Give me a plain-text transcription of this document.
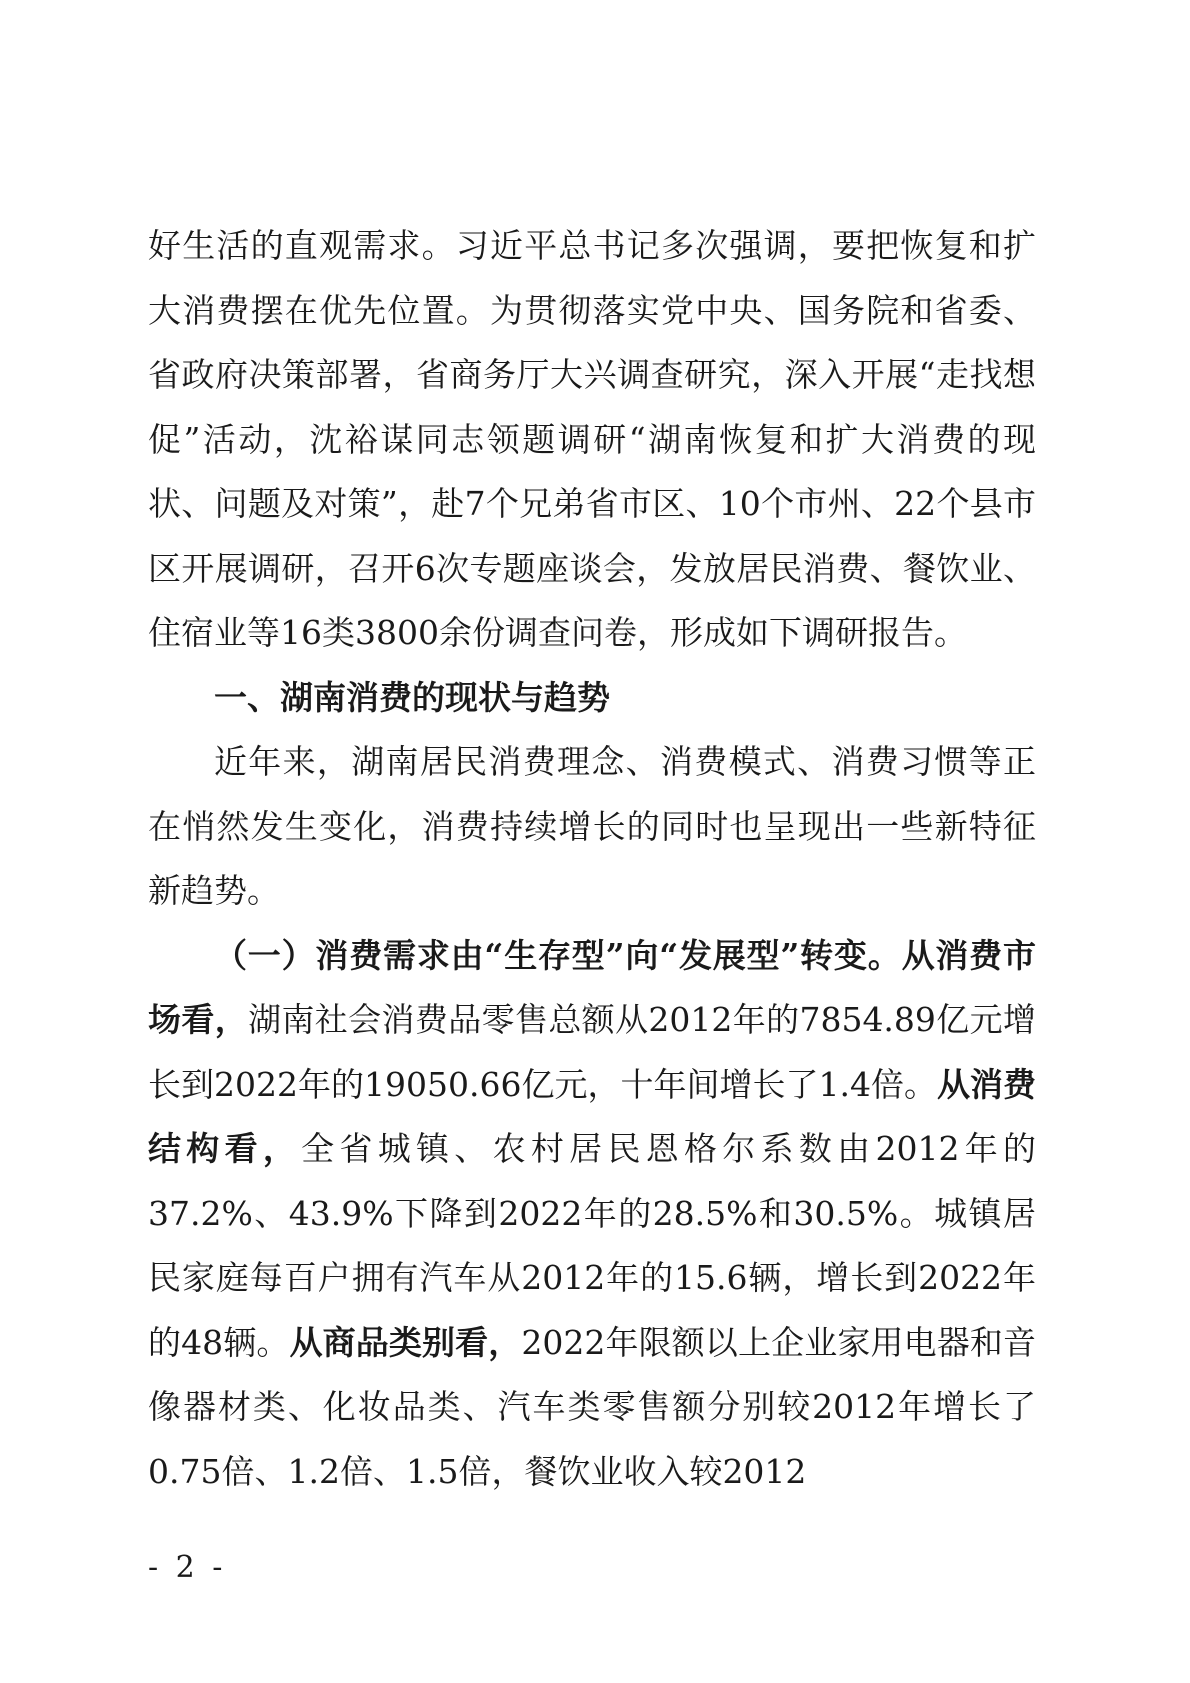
好生活的直观需求。习近平总书记多次强调，要把恢复和扩大消费摆在优先位置。为贯彻落实党中央、国务院和省委、省政府决策部署，省商务厅大兴调查研究，深入开展“走找想促”活动，沈裕谋同志领题调研“湖南恢复和扩大消费的现状、问题及对策”，赴7个兄弟省市区、10个市州、22个县市区开展调研，召开6次专题座谈会，发放居民消费、餐饮业、住宿业等16类3800余份调查问卷，形成如下调研报告。

一、湖南消费的现状与趋势

近年来，湖南居民消费理念、消费模式、消费习惯等正在悄然发生变化，消费持续增长的同时也呈现出一些新特征新趋势。

（一）消费需求由“生存型”向“发展型”转变。从消费市场看，湖南社会消费品零售总额从2012年的7854.89亿元增长到2022年的19050.66亿元，十年间增长了1.4倍。从消费结构看，全省城镇、农村居民恩格尔系数由2012年的37.2%、43.9%下降到2022年的28.5%和30.5%。城镇居民家庭每百户拥有汽车从2012年的15.6辆，增长到2022年的48辆。从商品类别看，2022年限额以上企业家用电器和音像器材类、化妆品类、汽车类零售额分别较2012年增长了0.75倍、1.2倍、1.5倍，餐饮业收入较2012

- 2 -
